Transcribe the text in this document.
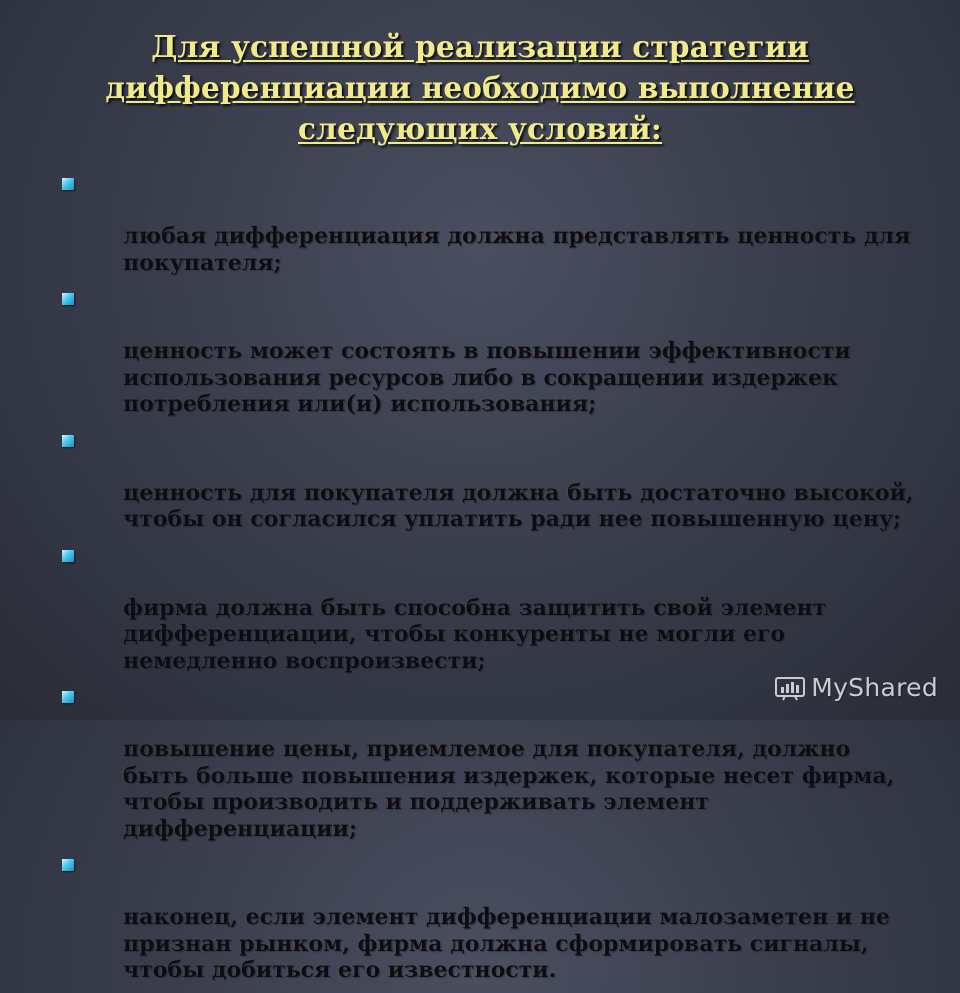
Для успешной реализации стратегии
дифференциации необходимо выполнение
следующих условий:

любая дифференциация должна представлять ценность для
покупателя;

ценность может состоять в повышении эффективности
использования ресурсов либо в сокращении издержек
потребления или(и) использования;

ценность для покупателя должна быть достаточно высокой,
чтобы он согласился уплатить ради нее повышенную цену;

фирма должна быть способна защитить свой элемент
дифференциации, чтобы конкуренты не могли его
немедленно воспроизвести;

повышение цены, приемлемое для покупателя, должно
быть больше повышения издержек, которые несет фирма,
чтобы производить и поддерживать элемент
дифференциации;

наконец, если элемент дифференциации малозаметен и не
признан рынком, фирма должна сформировать сигналы,
чтобы добиться его известности.

MyShared
